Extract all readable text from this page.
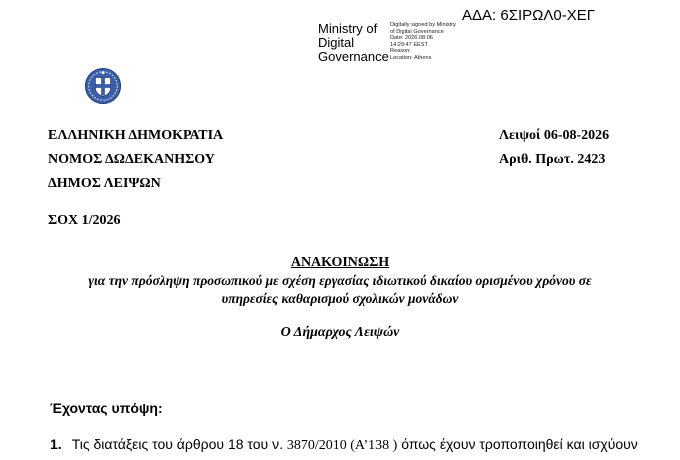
ΑΔΑ: 6ΣΙΡΩΛ0-ΧΕΓ
Ministry of
Digital
Governance
Digitally signed by Ministry
of Digital Governance
Date: 2026.08.06
14:29:47 EEST
Reason:
Location: Athens
ΕΛΛΗΝΙΚΗ ΔΗΜΟΚΡΑΤΙΑ
ΝΟΜΟΣ ΔΩΔΕΚΑΝΗΣΟΥ
ΔΗΜΟΣ ΛΕΙΨΩΝ
Λειψοί 06-08-2026
Αριθ. Πρωτ. 2423
ΣΟΧ 1/2026
ΑΝΑΚΟΙΝΩΣΗ
για την πρόσληψη προσωπικού με σχέση εργασίας ιδιωτικού δικαίου ορισμένου χρόνου σε
υπηρεσίες καθαρισμού σχολικών μονάδων
Ο Δήμαρχος Λειψών
Έχοντας υπόψη:
1. Τις διατάξεις του άρθρου 18 του ν. 3870/2010 (Α’138 ) όπως έχουν τροποποιηθεί και ισχύουν
